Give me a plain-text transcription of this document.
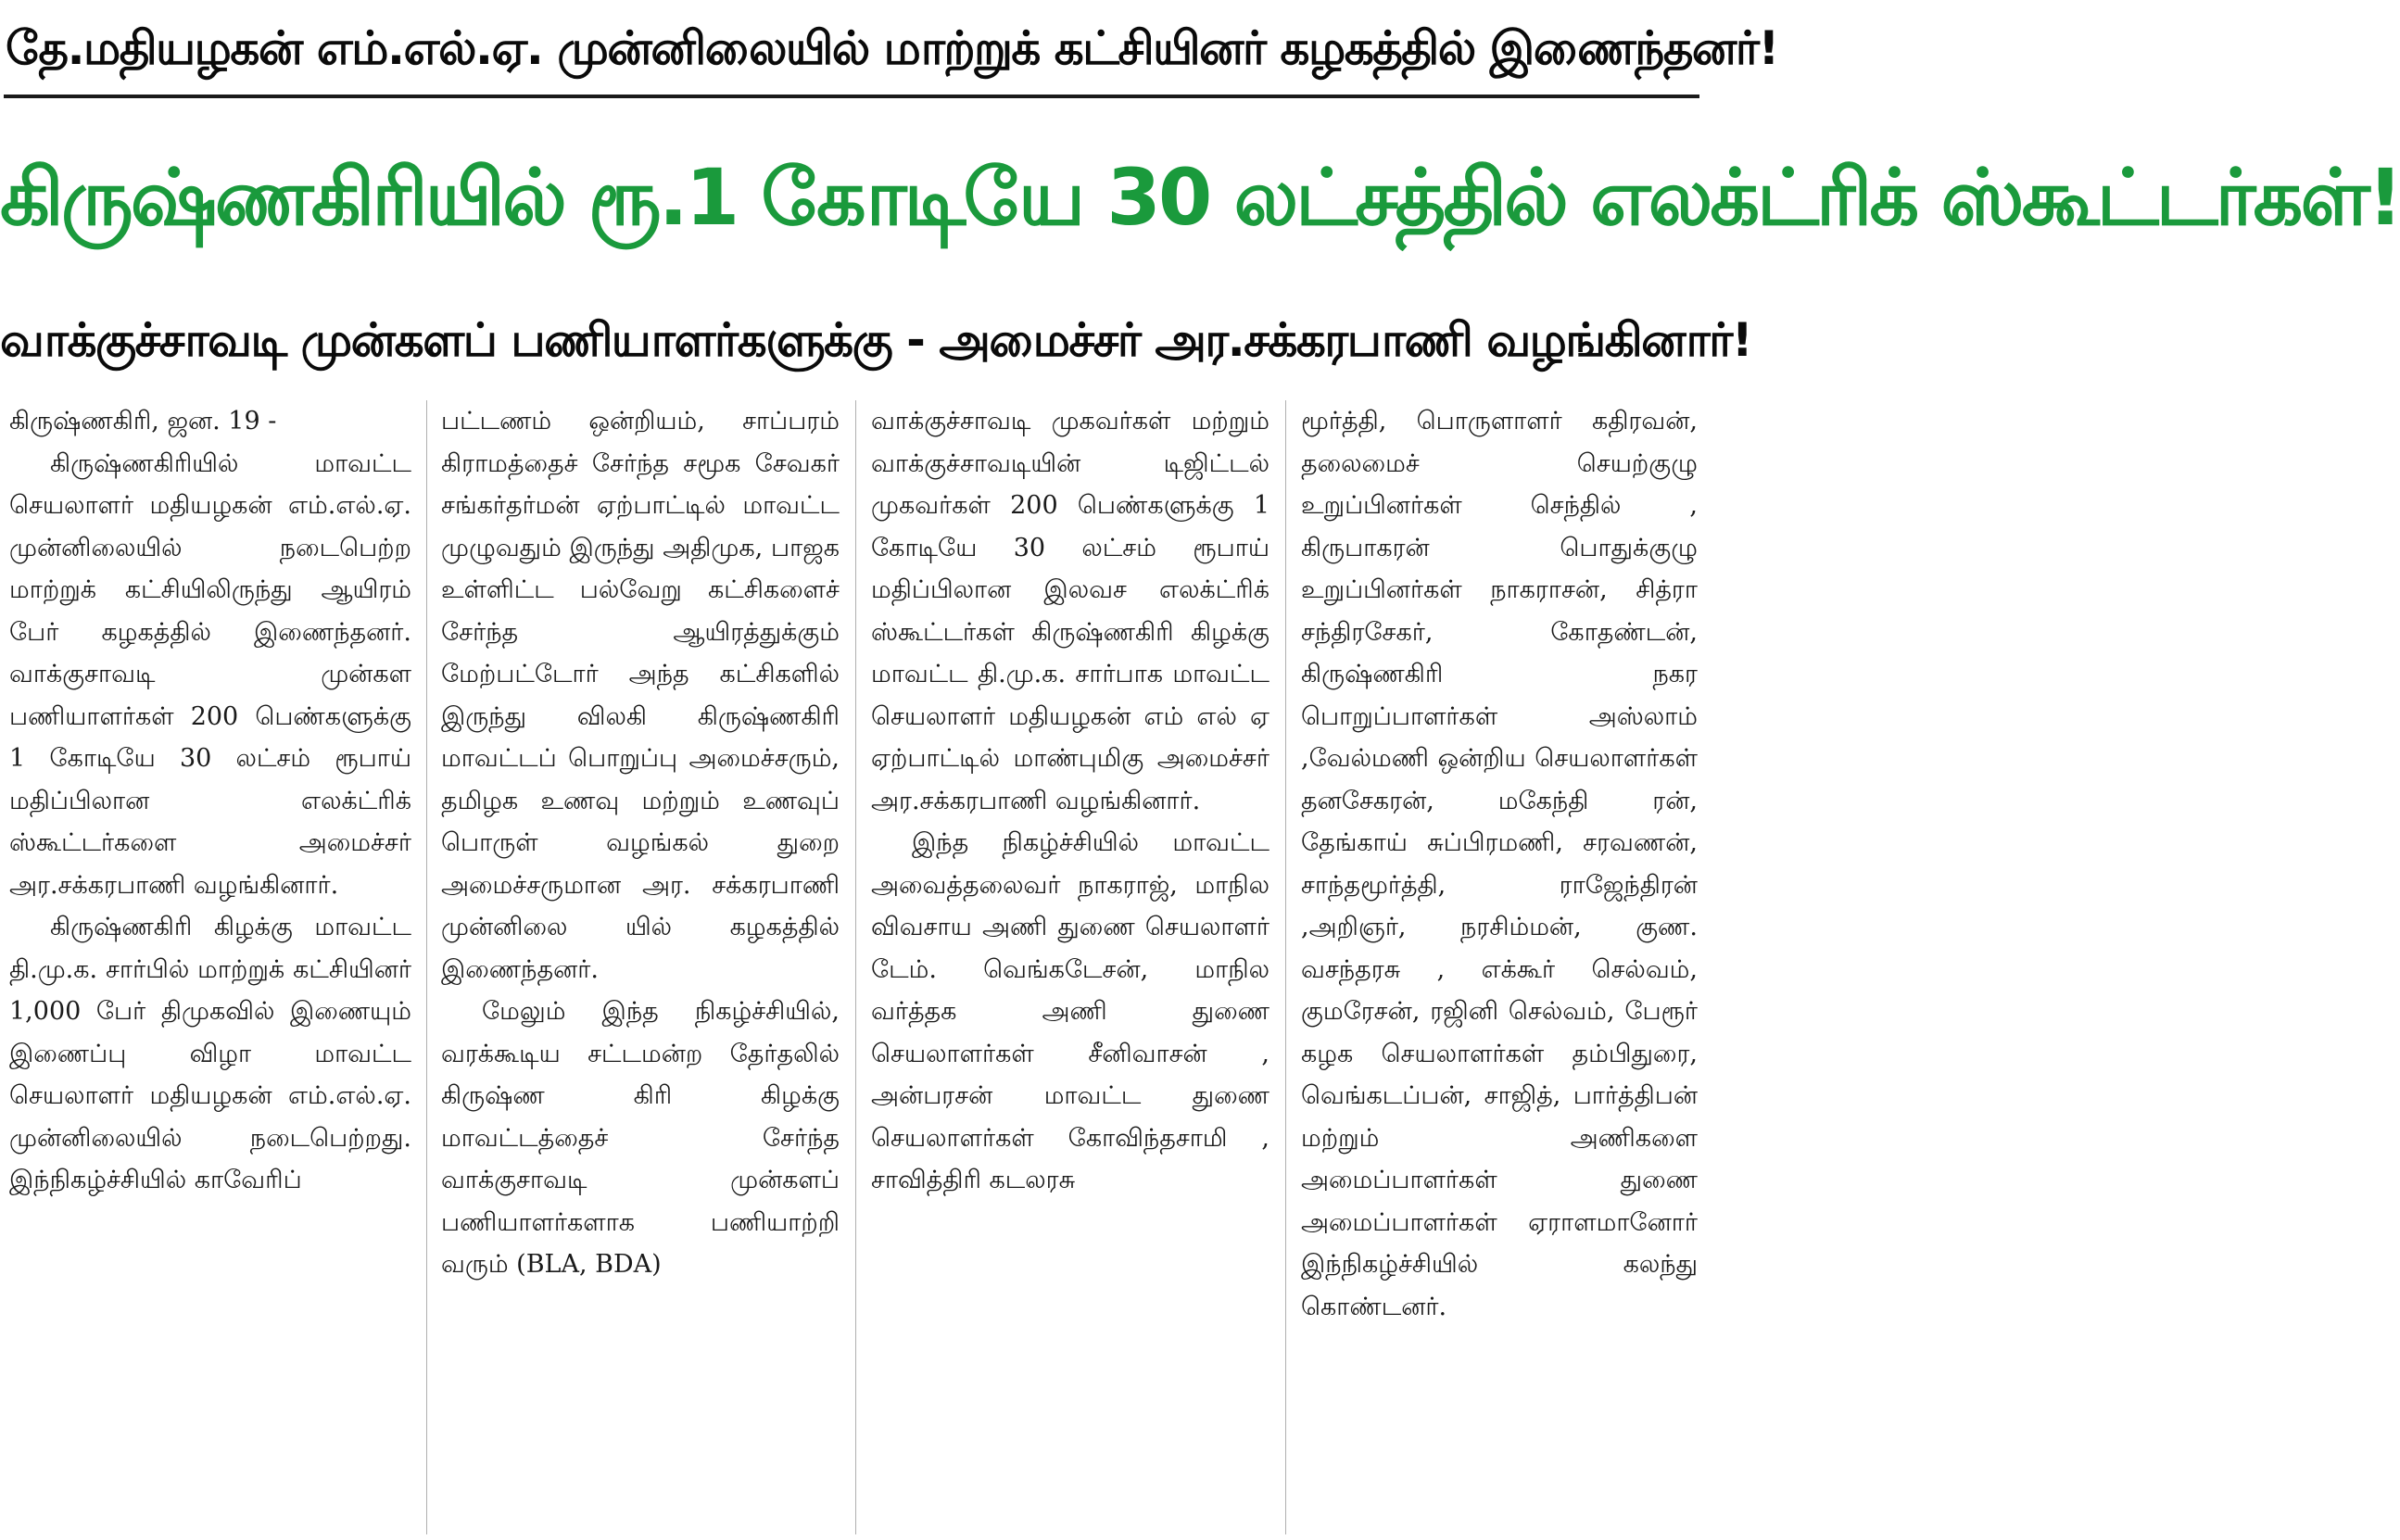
தே.மதியழகன் எம்.எல்.ஏ. முன்னிலையில் மாற்றுக் கட்சியினர் கழகத்தில் இணைந்தனர்!
கிருஷ்ணகிரியில் ரூ.1 கோடியே 30 லட்சத்தில் எலக்ட்ரிக் ஸ்கூட்டர்கள்!
வாக்குச்சாவடி முன்களப் பணியாளர்களுக்கு - அமைச்சர் அர.சக்கரபாணி வழங்கினார்!

கிருஷ்ணகிரி, ஜன. 19 -

கிருஷ்ணகிரியில் மாவட்ட செயலாளர் மதியழகன் எம்.எல்.ஏ. முன்னிலையில் நடைபெற்ற மாற்றுக் கட்சியிலிருந்து ஆயிரம் பேர் கழகத்தில் இணைந்தனர். வாக்குசாவடி முன்கள பணியாளர்கள் 200 பெண்களுக்கு 1 கோடியே 30 லட்சம் ரூபாய் மதிப்பிலான எலக்ட்ரிக் ஸ்கூட்டர்களை அமைச்சர் அர.சக்கரபாணி வழங்கினார்.

கிருஷ்ணகிரி கிழக்கு மாவட்ட தி.மு.க. சார்பில் மாற்றுக் கட்சியினர் 1,000 பேர் திமுகவில் இணையும் இணைப்பு விழா மாவட்ட செயலாளர் மதியழகன் எம்.எல்.ஏ. முன்னிலையில் நடைபெற்றது. இந்நிகழ்ச்சியில் காவேரிப்

பட்டணம் ஒன்றியம், சாப்பரம் கிராமத்தைச் சேர்ந்த சமூக சேவகர் சங்கர்தர்மன் ஏற்பாட்டில் மாவட்ட முழுவதும் இருந்து அதிமுக, பாஜக உள்ளிட்ட பல்வேறு கட்சிகளைச் சேர்ந்த ஆயிரத்துக்கும் மேற்பட்டோர் அந்த கட்சிகளில் இருந்து விலகி கிருஷ்ணகிரி மாவட்டப் பொறுப்பு அமைச்சரும், தமிழக உணவு மற்றும் உணவுப் பொருள் வழங்கல் துறை அமைச்சருமான அர. சக்கரபாணி முன்னிலை யில் கழகத்தில் இணைந்தனர்.

மேலும் இந்த நிகழ்ச்சியில், வரக்கூடிய சட்டமன்ற தேர்தலில் கிருஷ்ண கிரி கிழக்கு மாவட்டத்தைச் சேர்ந்த வாக்குசாவடி முன்களப் பணியாளர்களாக பணியாற்றி வரும் (BLA, BDA)

வாக்குச்சாவடி முகவர்கள் மற்றும் வாக்குச்சாவடியின் டிஜிட்டல் முகவர்கள் 200 பெண்களுக்கு 1 கோடியே 30 லட்சம் ரூபாய் மதிப்பிலான இலவச எலக்ட்ரிக் ஸ்கூட்டர்கள் கிருஷ்ணகிரி கிழக்கு மாவட்ட தி.மு.க. சார்பாக மாவட்ட செயலாளர் மதியழகன் எம் எல் ஏ ஏற்பாட்டில் மாண்புமிகு அமைச்சர் அர.சக்கரபாணி வழங்கினார்.

இந்த நிகழ்ச்சியில் மாவட்ட அவைத்தலைவர் நாகராஜ், மாநில விவசாய அணி துணை செயலாளர் டேம். வெங்கடேசன், மாநில வர்த்தக அணி துணை செயலாளர்கள் சீனிவாசன் , அன்பரசன் மாவட்ட துணை செயலாளர்கள் கோவிந்தசாமி , சாவித்திரி கடலரசு

மூர்த்தி, பொருளாளர் கதிரவன், தலைமைச் செயற்குழு உறுப்பினர்கள் செந்தில் , கிருபாகரன் பொதுக்குழு உறுப்பினர்கள் நாகராசன், சித்ரா சந்திரசேகர், கோதண்டன், கிருஷ்ணகிரி நகர பொறுப்பாளர்கள் அஸ்லாம் ,வேல்மணி ஒன்றிய செயலாளர்கள் தனசேகரன், மகேந்தி ரன், தேங்காய் சுப்பிரமணி, சரவணன், சாந்தமூர்த்தி, ராஜேந்திரன் ,அறிஞர், நரசிம்மன், குண. வசந்தரசு , எக்கூர் செல்வம், குமரேசன், ரஜினி செல்வம், பேரூர் கழக செயலாளர்கள் தம்பிதுரை, வெங்கடப்பன், சாஜித், பார்த்திபன் மற்றும் அணிகளை அமைப்பாளர்கள் துணை அமைப்பாளர்கள் ஏராளமானோர் இந்நிகழ்ச்சியில் கலந்து கொண்டனர்.
